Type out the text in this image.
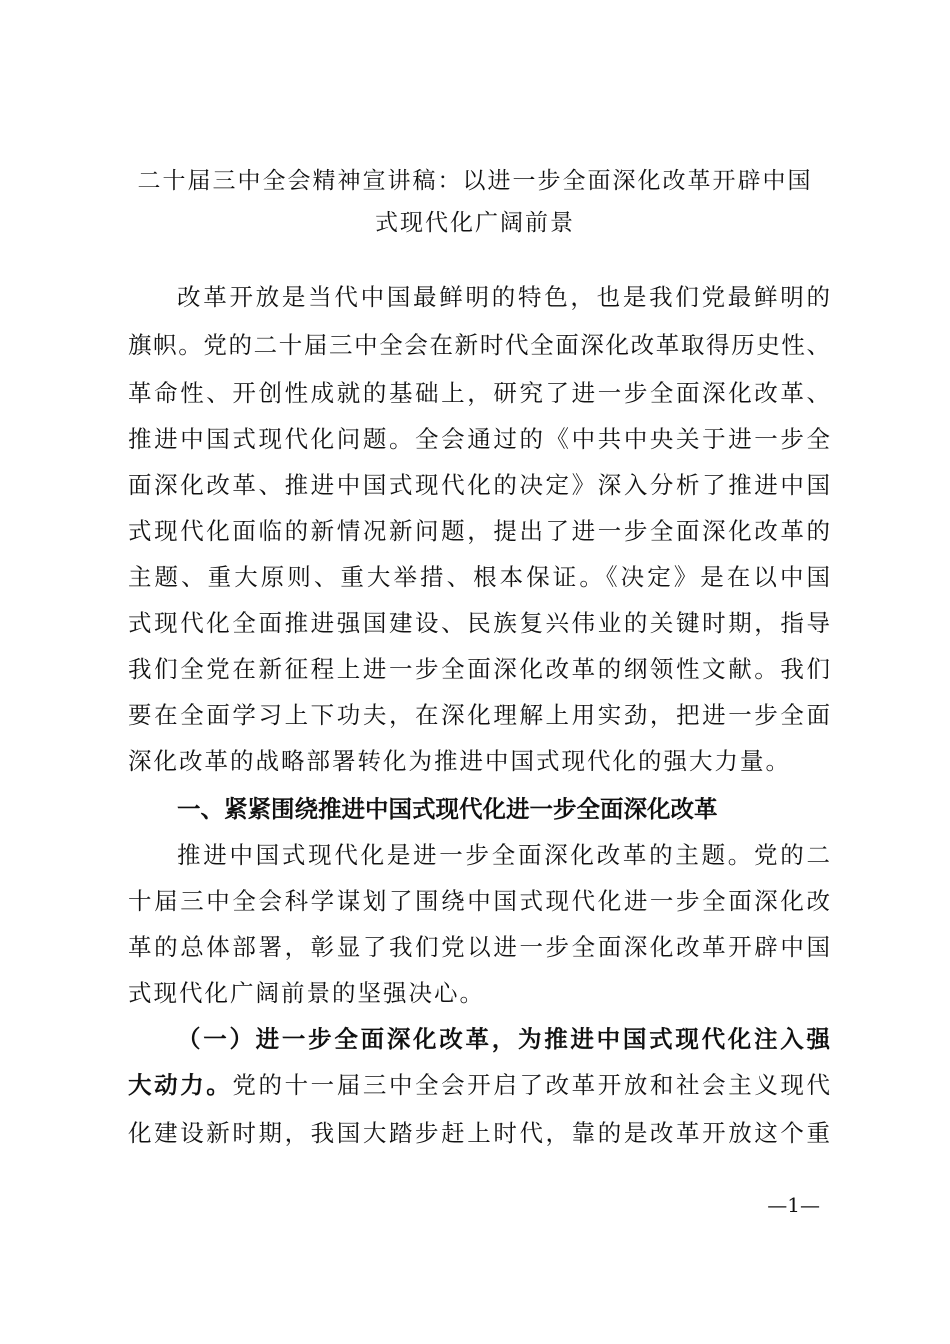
二十届三中全会精神宣讲稿：以进一步全面深化改革开辟中国
式现代化广阔前景
改革开放是当代中国最鲜明的特色，也是我们党最鲜明的
旗帜。党的二十届三中全会在新时代全面深化改革取得历史性、
革命性、开创性成就的基础上，研究了进一步全面深化改革、
推进中国式现代化问题。全会通过的《中共中央关于进一步全
面深化改革、推进中国式现代化的决定》深入分析了推进中国
式现代化面临的新情况新问题，提出了进一步全面深化改革的
主题、重大原则、重大举措、根本保证。《决定》是在以中国
式现代化全面推进强国建设、民族复兴伟业的关键时期，指导
我们全党在新征程上进一步全面深化改革的纲领性文献。我们
要在全面学习上下功夫，在深化理解上用实劲，把进一步全面
深化改革的战略部署转化为推进中国式现代化的强大力量。
一、紧紧围绕推进中国式现代化进一步全面深化改革
推进中国式现代化是进一步全面深化改革的主题。党的二
十届三中全会科学谋划了围绕中国式现代化进一步全面深化改
革的总体部署，彰显了我们党以进一步全面深化改革开辟中国
式现代化广阔前景的坚强决心。
（一）进一步全面深化改革，为推进中国式现代化注入强
大动力。党的十一届三中全会开启了改革开放和社会主义现代
化建设新时期，我国大踏步赶上时代，靠的是改革开放这个重
—1—
